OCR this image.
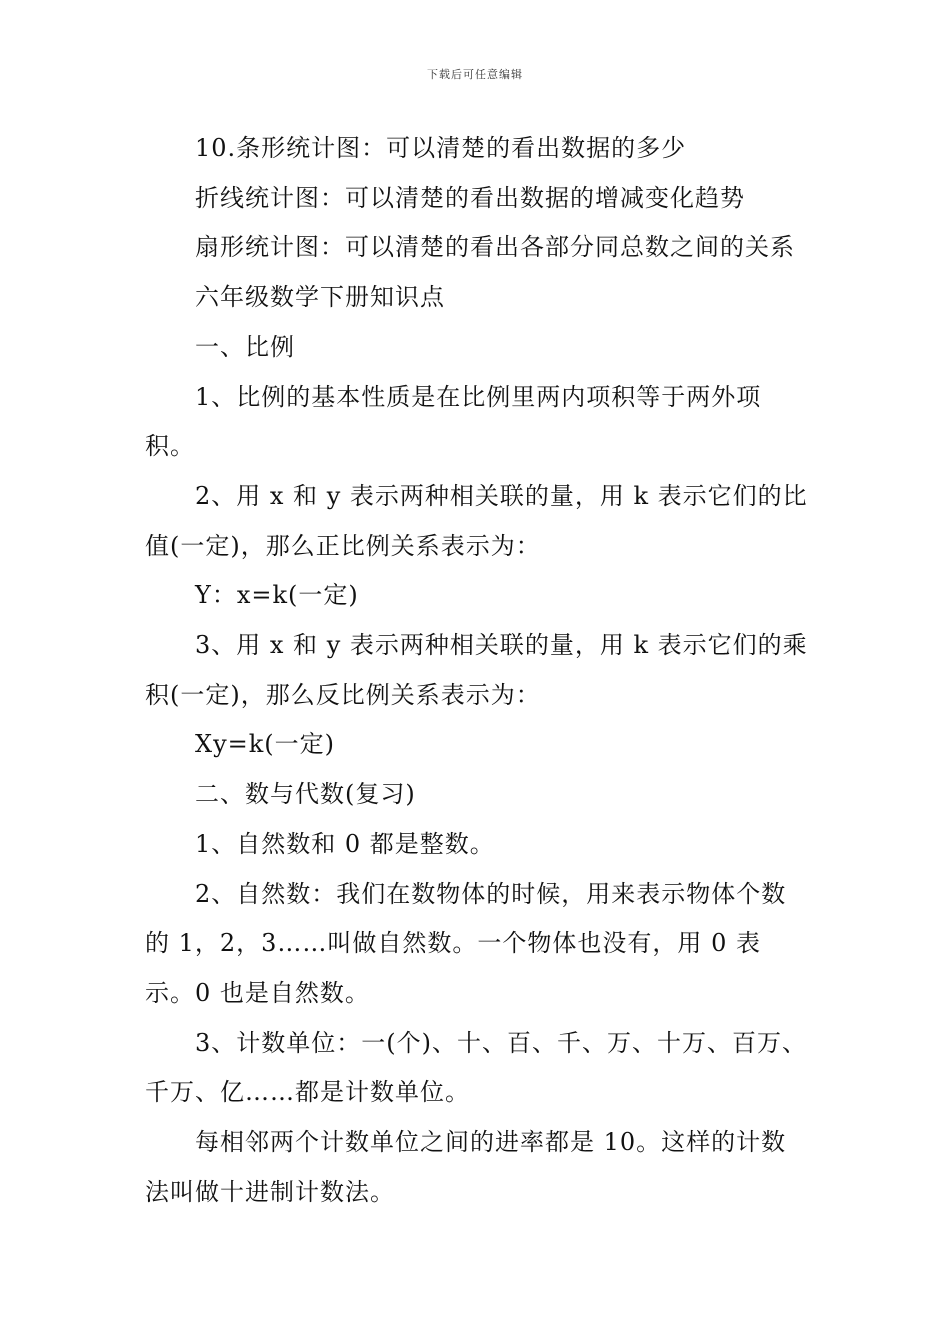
下载后可任意编辑

10.条形统计图：可以清楚的看出数据的多少

折线统计图：可以清楚的看出数据的增减变化趋势

扇形统计图：可以清楚的看出各部分同总数之间的关系

六年级数学下册知识点

一、比例

1、比例的基本性质是在比例里两内项积等于两外项积。

2、用 x 和 y 表示两种相关联的量，用 k 表示它们的比值(一定)，那么正比例关系表示为：

Y：x=k(一定)

3、用 x 和 y 表示两种相关联的量，用 k 表示它们的乘积(一定)，那么反比例关系表示为：

Xy=k(一定)

二、数与代数(复习)

1、自然数和 0 都是整数。

2、自然数：我们在数物体的时候，用来表示物体个数的 1，2，3……叫做自然数。一个物体也没有，用 0 表示。0 也是自然数。

3、计数单位：一(个)、十、百、千、万、十万、百万、千万、亿……都是计数单位。

每相邻两个计数单位之间的进率都是 10。这样的计数法叫做十进制计数法。
